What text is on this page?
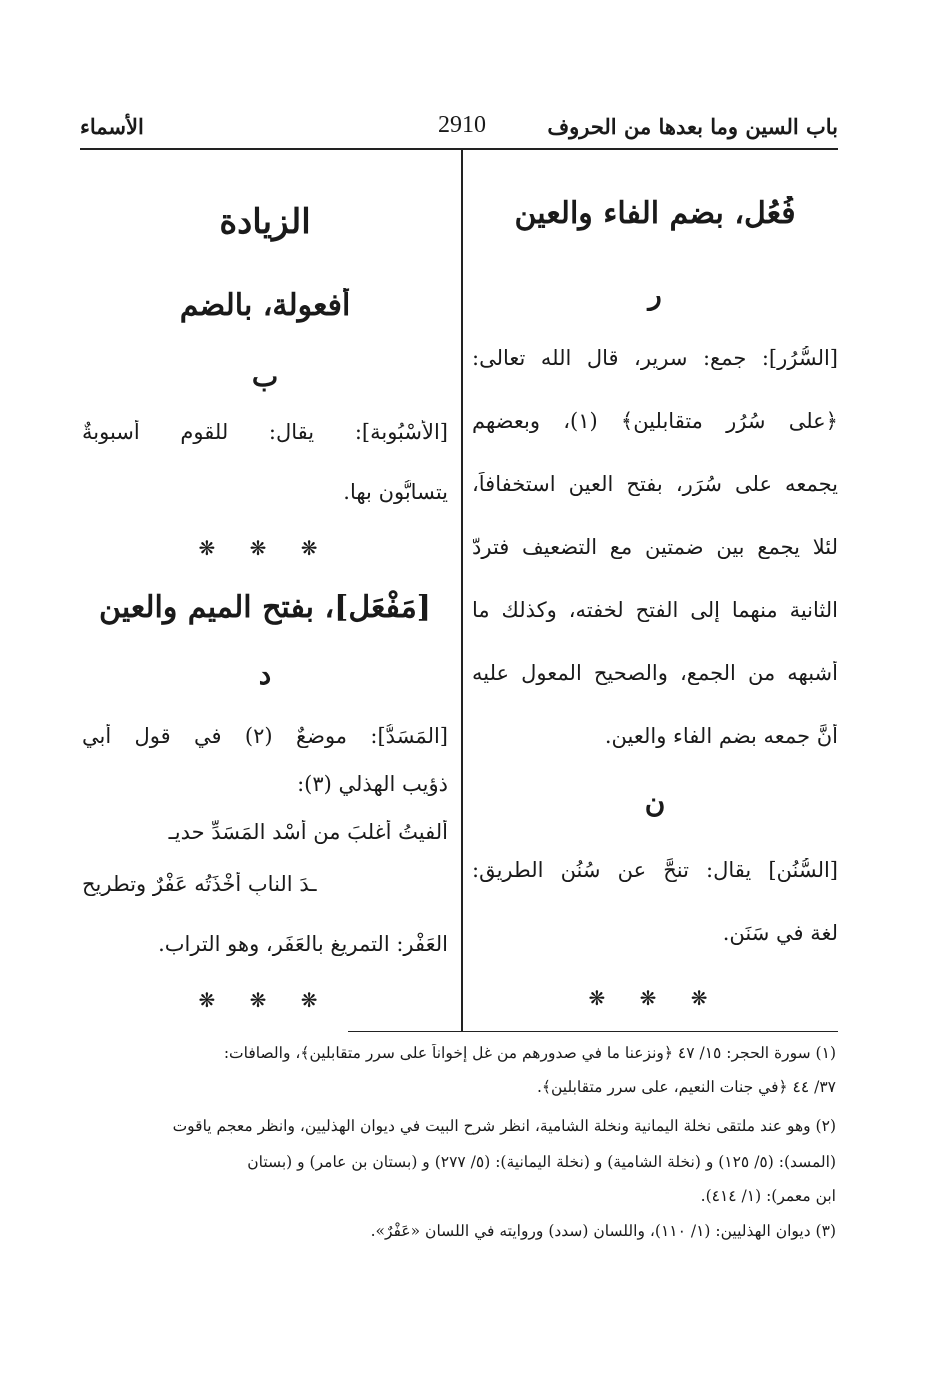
باب السين وما بعدها من الحروف
2910
الأسماء
فُعُل، بضم الفاء والعين
ر
[السُّرُر]: جمع: سرير، قال الله تعالى:
﴿على سُرُرٍ متقابلين﴾ (١)، وبعضهم
يجمعه على سُرَر، بفتح العين استخفافاً،
لئلا يجمع بين ضمتين مع التضعيف فتردّ
الثانية منهما إلى الفتح لخفته، وكذلك ما
أشبهه من الجمع، والصحيح المعول عليه
أنَّ جمعه بضم الفاء والعين.
ن
[السُّنُن] يقال: تنحَّ عن سُنُنِ الطريق:
لغة في سَنَن.
❋ ❋ ❋
الزيادة
أُفعولة، بالضم
ب
[الأُسْبُوبة]: يقال: للقوم أسبوبةٌ
يتسابُّون بها.
❋ ❋ ❋
[مَفْعَل]، بفتح الميم والعين
د
[المَسَدُّ]: موضعٌ (٢) في قول أبي
ذؤيب الهذلي (٣):
ألفيتُ أغلبَ من أُسْد المَسَدِّ حديـ
ـدَ النابِ أَخْذَتُه عَفْرٌ وتطريح
العَفْر: التمريغ بالعَفَر، وهو التراب.
❋ ❋ ❋
(١) سورة الحجر: ١٥/ ٤٧ ﴿ونزعنا ما في صدورهم من غل إخواناً على سرر متقابلين﴾، والصافات:
٣٧/ ٤٤ ﴿في جنات النعيم، على سرر متقابلين﴾.
(٢) وهو عند ملتقى نخلة اليمانية ونخلة الشامية، انظر شرح البيت في ديوان الهذليين، وانظر معجم ياقوت
(المسد): (٥/ ١٢٥) و (نخلة الشامية) و (نخلة اليمانية): (٥/ ٢٧٧) و (بستان بن عامر) و (بستان
ابن معمر): (١/ ٤١٤).
(٣) ديوان الهذليين: (١/ ١١٠)، واللسان (سدد) وروايته في اللسان «عَفْرٌ».
